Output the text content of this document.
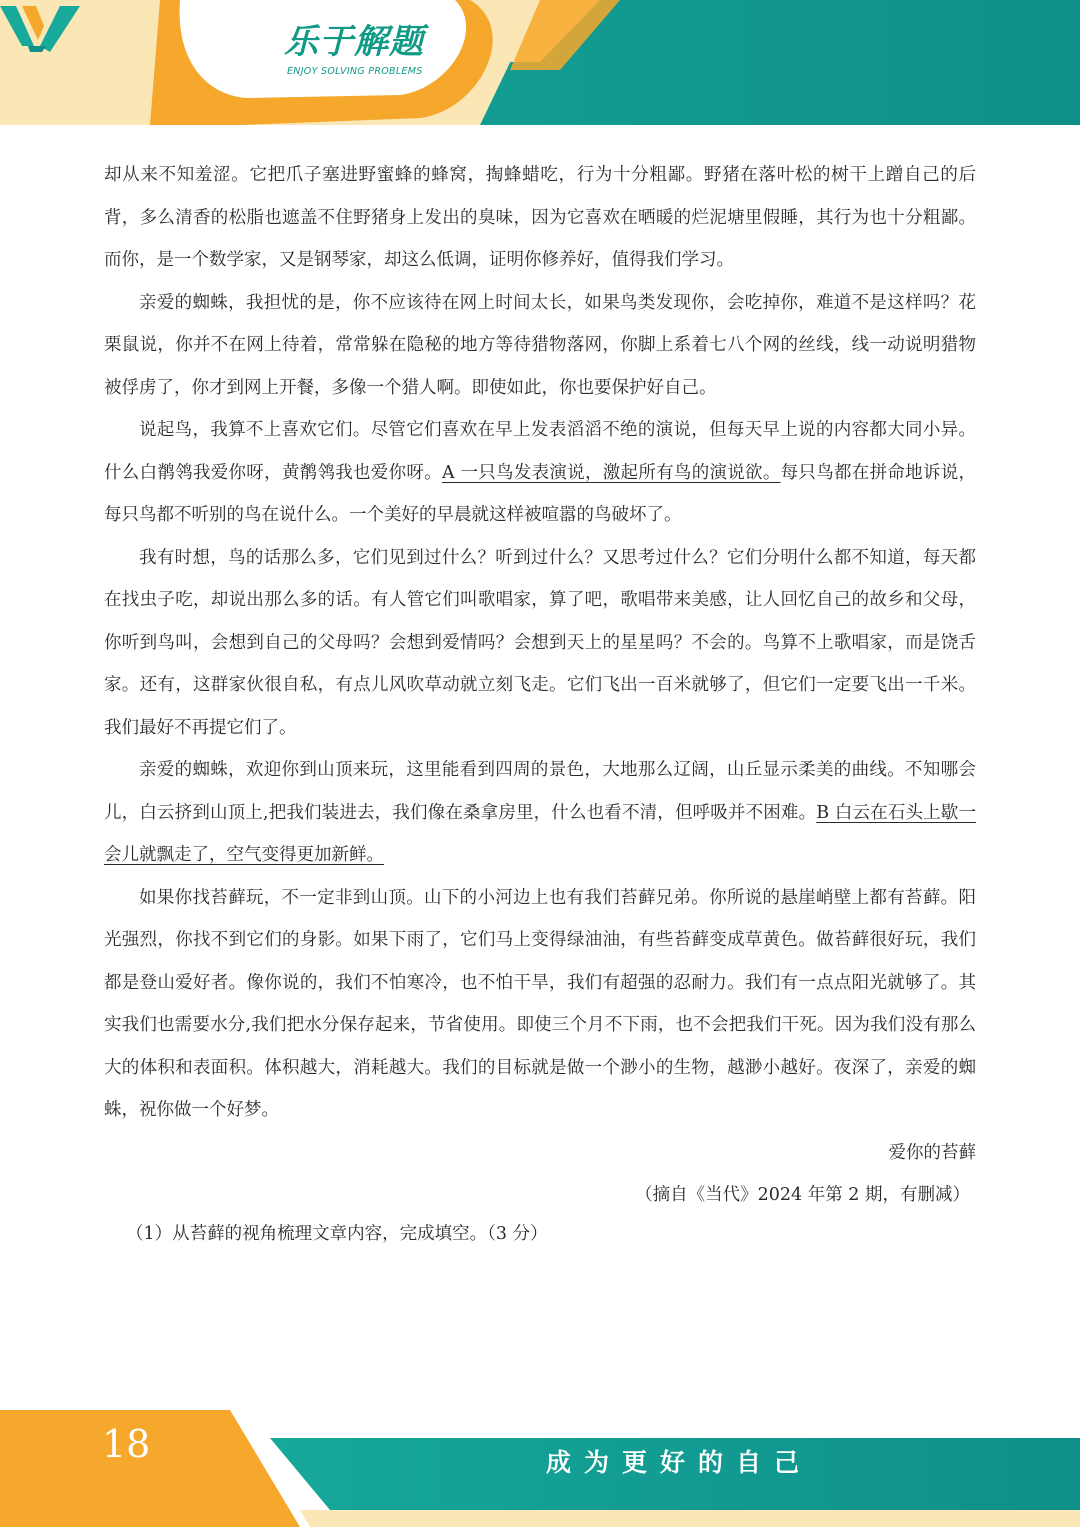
乐于解题
ENJOY SOLVING PROBLEMS

却从来不知羞涩。它把爪子塞进野蜜蜂的蜂窝，掏蜂蜡吃，行为十分粗鄙。野猪在落叶松的树干上蹭自己的后背，多么清香的松脂也遮盖不住野猪身上发出的臭味，因为它喜欢在晒暖的烂泥塘里假睡，其行为也十分粗鄙。而你，是一个数学家，又是钢琴家，却这么低调，证明你修养好，值得我们学习。

亲爱的蜘蛛，我担忧的是，你不应该待在网上时间太长，如果鸟类发现你，会吃掉你，难道不是这样吗？花栗鼠说，你并不在网上待着，常常躲在隐秘的地方等待猎物落网，你脚上系着七八个网的丝线，线一动说明猎物被俘虏了，你才到网上开餐，多像一个猎人啊。即使如此，你也要保护好自己。

说起鸟，我算不上喜欢它们。尽管它们喜欢在早上发表滔滔不绝的演说，但每天早上说的内容都大同小异。什么白鹡鸰我爱你呀，黄鹡鸰我也爱你呀。A 一只鸟发表演说，激起所有鸟的演说欲。每只鸟都在拼命地诉说，每只鸟都不听别的鸟在说什么。一个美好的早晨就这样被喧嚣的鸟破坏了。

我有时想，鸟的话那么多，它们见到过什么？听到过什么？又思考过什么？它们分明什么都不知道，每天都在找虫子吃，却说出那么多的话。有人管它们叫歌唱家，算了吧，歌唱带来美感，让人回忆自己的故乡和父母，你听到鸟叫，会想到自己的父母吗？会想到爱情吗？会想到天上的星星吗？不会的。鸟算不上歌唱家，而是饶舌家。还有，这群家伙很自私，有点儿风吹草动就立刻飞走。它们飞出一百米就够了，但它们一定要飞出一千米。我们最好不再提它们了。

亲爱的蜘蛛，欢迎你到山顶来玩，这里能看到四周的景色，大地那么辽阔，山丘显示柔美的曲线。不知哪会儿，白云挤到山顶上,把我们装进去，我们像在桑拿房里，什么也看不清，但呼吸并不困难。B 白云在石头上歇一会儿就飘走了，空气变得更加新鲜。

如果你找苔藓玩，不一定非到山顶。山下的小河边上也有我们苔藓兄弟。你所说的悬崖峭壁上都有苔藓。阳光强烈，你找不到它们的身影。如果下雨了，它们马上变得绿油油，有些苔藓变成草黄色。做苔藓很好玩，我们都是登山爱好者。像你说的，我们不怕寒冷，也不怕干旱，我们有超强的忍耐力。我们有一点点阳光就够了。其实我们也需要水分,我们把水分保存起来，节省使用。即使三个月不下雨，也不会把我们干死。因为我们没有那么大的体积和表面积。体积越大，消耗越大。我们的目标就是做一个渺小的生物，越渺小越好。夜深了，亲爱的蜘蛛，祝你做一个好梦。

爱你的苔藓

（摘自《当代》2024 年第 2 期，有删减）

（1）从苔藓的视角梳理文章内容，完成填空。（3 分）

18	成为更好的自己
